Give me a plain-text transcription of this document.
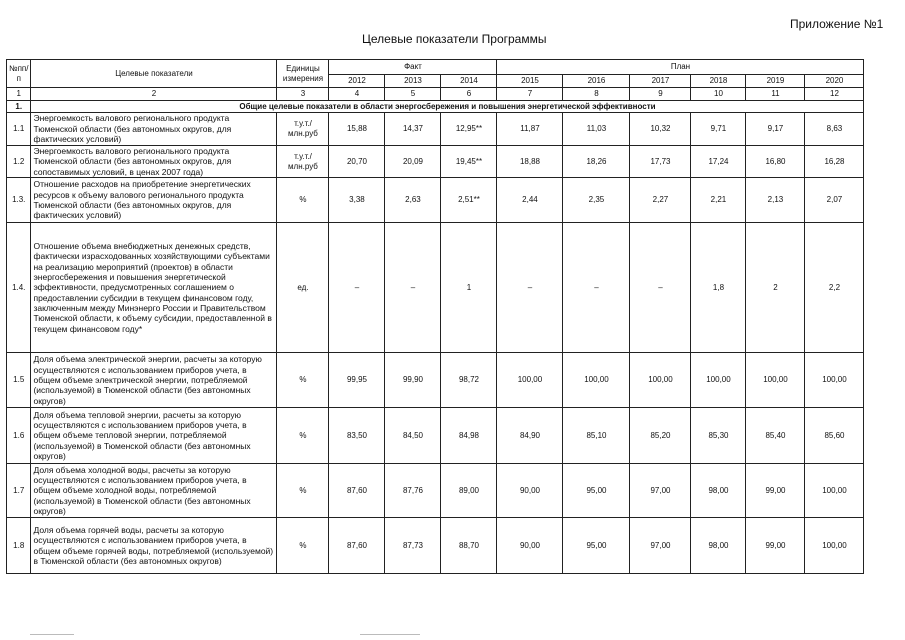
Приложение №1
Целевые показатели Программы
№пп/п	Целевые показатели	Единицы измерения	Факт			План					
			2012	2013	2014	2015	2016	2017	2018	2019	2020
1	2	3	4	5	6	7	8	9	10	11	12
1.	Общие целевые показатели в области энергосбережения и повышения энергетической эффективности										
1.1	Энергоемкость валового регионального продукта Тюменской области (без автономных округов, для фактических условий)	т.у.т./млн.руб	15,88	14,37	12,95**	11,87	11,03	10,32	9,71	9,17	8,63
1.2	Энергоемкость валового регионального продукта Тюменской области (без автономных округов, для сопоставимых условий, в ценах 2007 года)	т.у.т./млн.руб	20,70	20,09	19,45**	18,88	18,26	17,73	17,24	16,80	16,28
1.3.	Отношение расходов на приобретение энергетических ресурсов к объему валового регионального продукта Тюменской области (без автономных округов, для фактических условий)	%	3,38	2,63	2,51**	2,44	2,35	2,27	2,21	2,13	2,07
1.4.	Отношение объема внебюджетных денежных средств, фактически израсходованных хозяйствующими субъектами на реализацию мероприятий (проектов) в области энергосбережения и повышения энергетической эффективности, предусмотренных соглашением о предоставлении субсидии в текущем финансовом году, заключенным между Минэнерго России и Правительством Тюменской области, к объему субсидии, предоставленной в текущем финансовом году*	ед.	–	–	1	–	–	–	1,8	2	2,2
1.5	Доля объема электрической энергии, расчеты за которую осуществляются с использованием приборов учета, в общем объеме электрической энергии, потребляемой (используемой) в Тюменской области (без автономных округов)	%	99,95	99,90	98,72	100,00	100,00	100,00	100,00	100,00	100,00
1.6	Доля объема тепловой энергии, расчеты за которую осуществляются с использованием приборов учета, в общем объеме тепловой энергии, потребляемой (используемой) в Тюменской области (без автономных округов)	%	83,50	84,50	84,98	84,90	85,10	85,20	85,30	85,40	85,60
1.7	Доля объема холодной воды, расчеты за которую осуществляются с использованием приборов учета, в общем объеме холодной воды, потребляемой (используемой) в Тюменской области (без автономных округов)	%	87,60	87,76	89,00	90,00	95,00	97,00	98,00	99,00	100,00
1.8	Доля объема горячей воды, расчеты за которую осуществляются с использованием приборов учета, в общем объеме горячей воды, потребляемой (используемой) в Тюменской области (без автономных округов)	%	87,60	87,73	88,70	90,00	95,00	97,00	98,00	99,00	100,00
